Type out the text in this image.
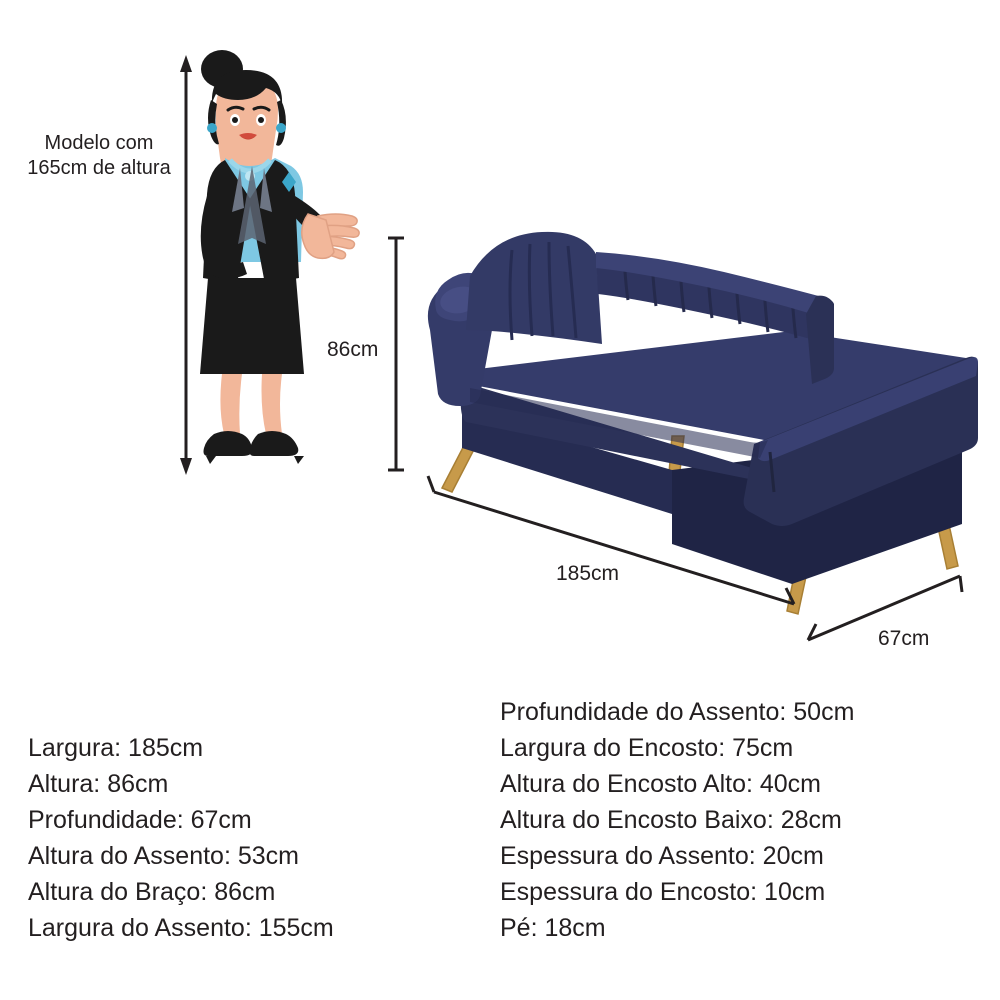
Modelo com
165cm de altura
86cm
185cm
67cm
Largura: 185cm
Altura: 86cm
Profundidade: 67cm
Altura do Assento: 53cm
Altura do Braço: 86cm
Largura do Assento: 155cm
Profundidade do Assento: 50cm
Largura do Encosto: 75cm
Altura do Encosto Alto: 40cm
Altura do Encosto Baixo: 28cm
Espessura do Assento: 20cm
Espessura do Encosto: 10cm
Pé: 18cm
